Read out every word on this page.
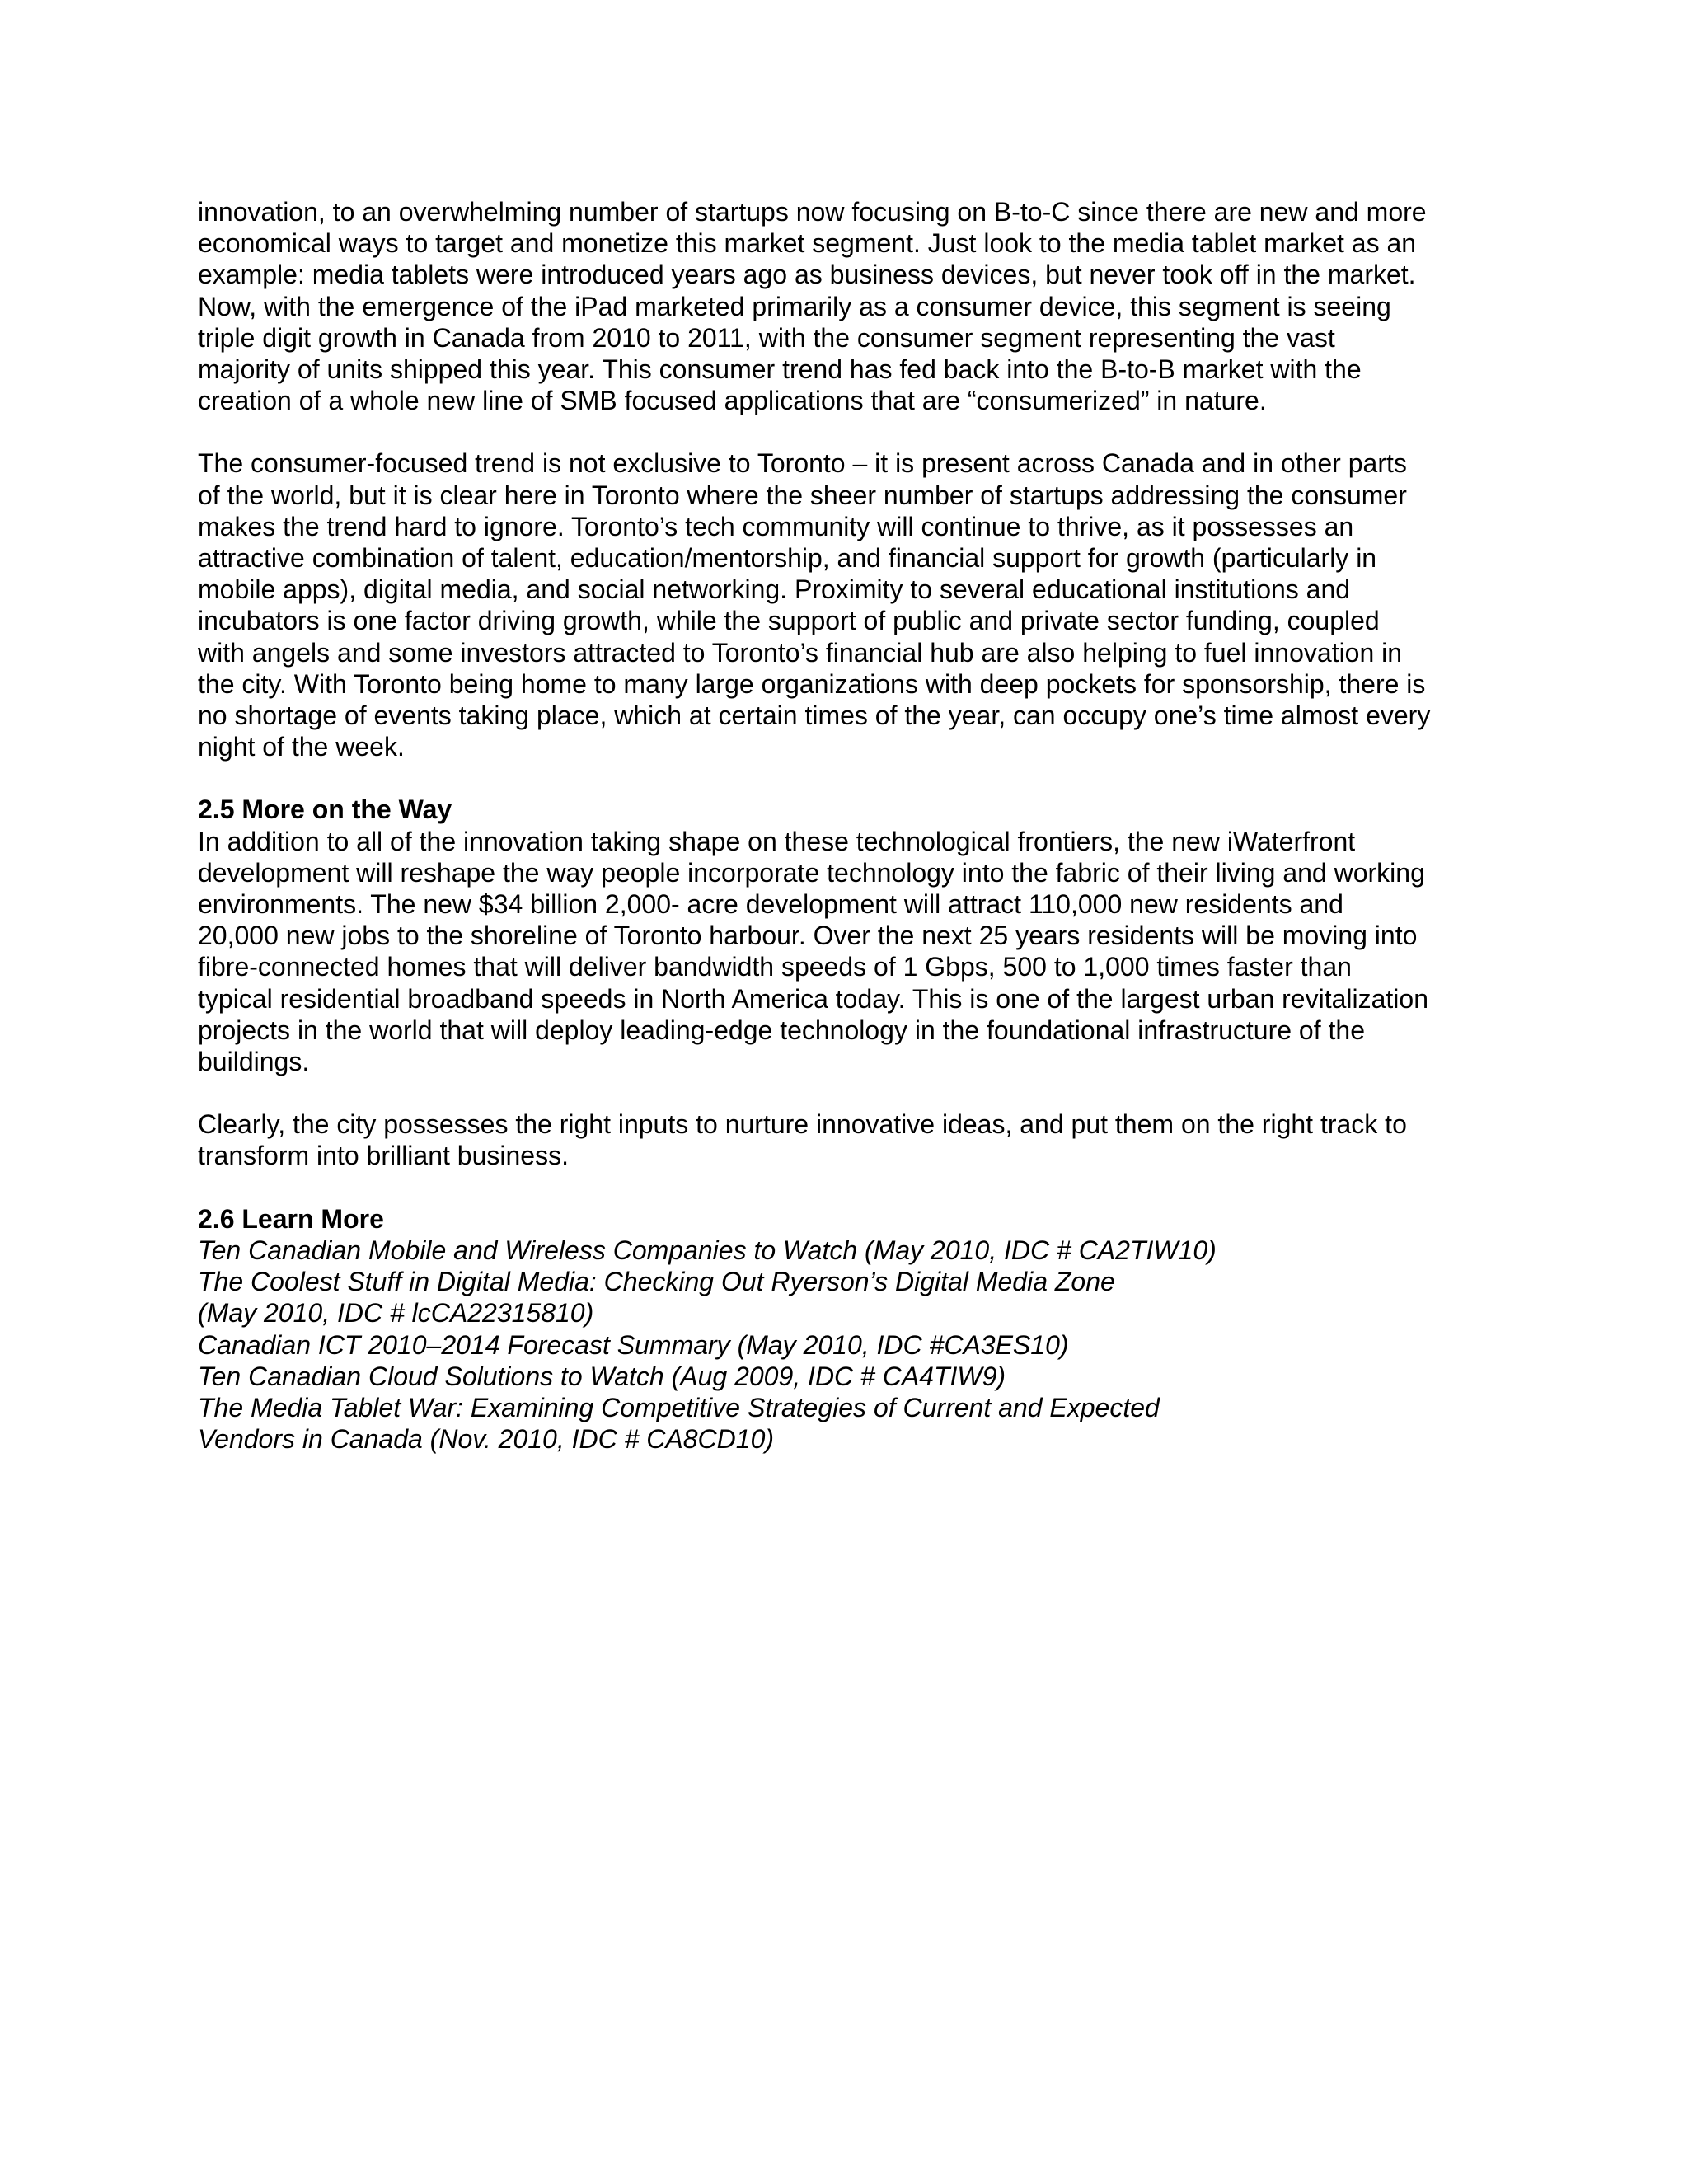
innovation, to an overwhelming number of startups now focusing on B-to-C since there are new and more
economical ways to target and monetize this market segment. Just look to the media tablet market as an
example: media tablets were introduced years ago as business devices, but never took off in the market.
Now, with the emergence of the iPad marketed primarily as a consumer device, this segment is seeing
triple digit growth in Canada from 2010 to 2011, with the consumer segment representing the vast
majority of units shipped this year. This consumer trend has fed back into the B-to-B market with the
creation of a whole new line of SMB focused applications that are “consumerized” in nature.

The consumer-focused trend is not exclusive to Toronto – it is present across Canada and in other parts
of the world, but it is clear here in Toronto where the sheer number of startups addressing the consumer
makes the trend hard to ignore. Toronto’s tech community will continue to thrive, as it possesses an
attractive combination of talent, education/mentorship, and financial support for growth (particularly in
mobile apps), digital media, and social networking. Proximity to several educational institutions and
incubators is one factor driving growth, while the support of public and private sector funding, coupled
with angels and some investors attracted to Toronto’s financial hub are also helping to fuel innovation in
the city. With Toronto being home to many large organizations with deep pockets for sponsorship, there is
no shortage of events taking place, which at certain times of the year, can occupy one’s time almost every
night of the week.

2.5 More on the Way

In addition to all of the innovation taking shape on these technological frontiers, the new iWaterfront
development will reshape the way people incorporate technology into the fabric of their living and working
environments. The new $34 billion 2,000- acre development will attract 110,000 new residents and
20,000 new jobs to the shoreline of Toronto harbour. Over the next 25 years residents will be moving into
fibre-connected homes that will deliver bandwidth speeds of 1 Gbps, 500 to 1,000 times faster than
typical residential broadband speeds in North America today. This is one of the largest urban revitalization
projects in the world that will deploy leading-edge technology in the foundational infrastructure of the
buildings.

Clearly, the city possesses the right inputs to nurture innovative ideas, and put them on the right track to
transform into brilliant business.

2.6 Learn More
Ten Canadian Mobile and Wireless Companies to Watch (May 2010, IDC # CA2TIW10)
The Coolest Stuff in Digital Media: Checking Out Ryerson’s Digital Media Zone
(May 2010, IDC # lcCA22315810)
Canadian ICT 2010–2014 Forecast Summary (May 2010, IDC #CA3ES10)
Ten Canadian Cloud Solutions to Watch (Aug 2009, IDC # CA4TIW9)
The Media Tablet War: Examining Competitive Strategies of Current and Expected
Vendors in Canada (Nov. 2010, IDC # CA8CD10)
